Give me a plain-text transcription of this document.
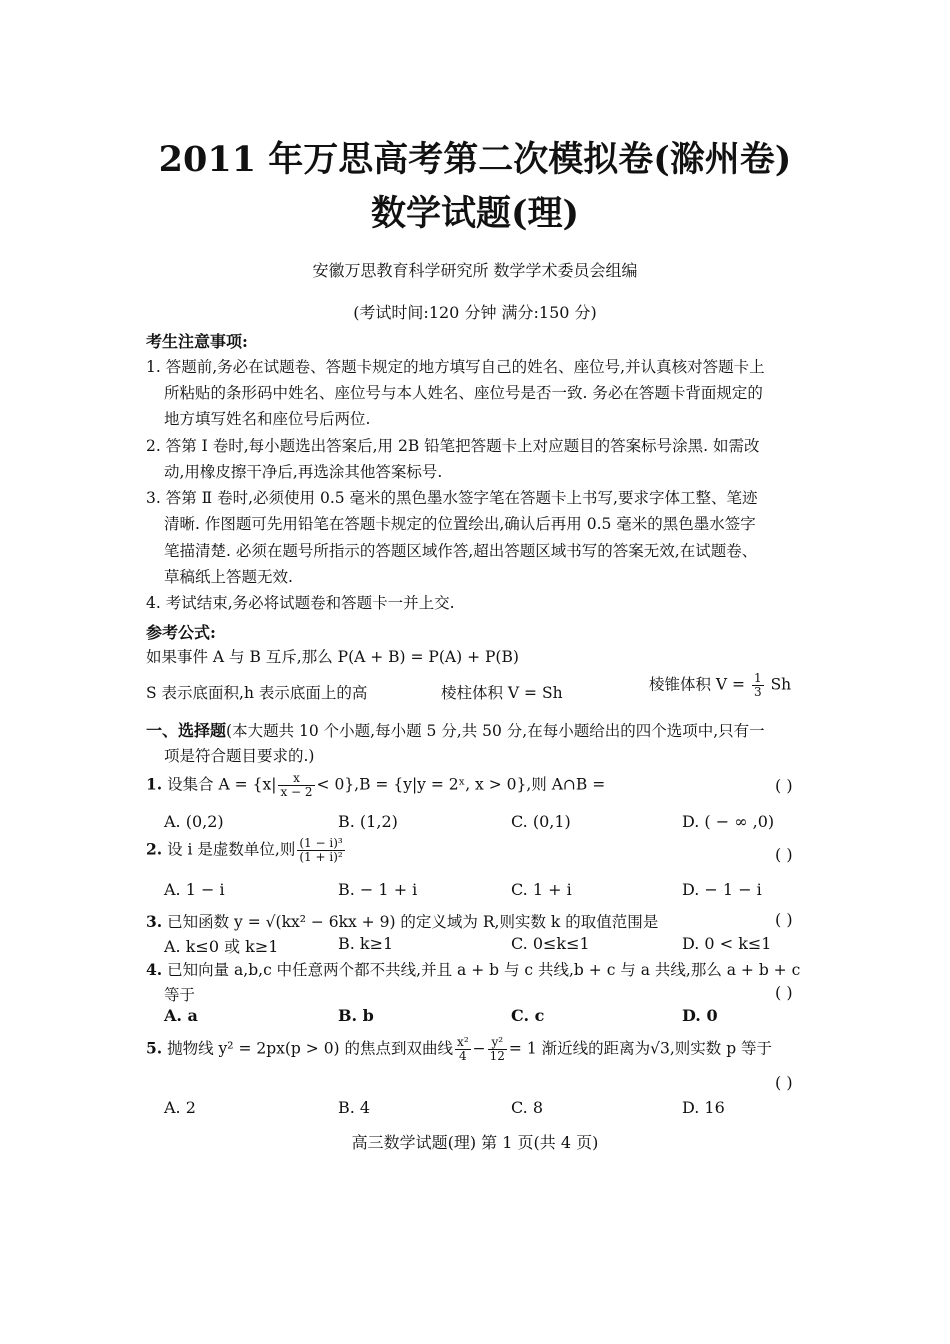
2011 年万思高考第二次模拟卷(滁州卷)
数学试题(理)
安徽万思教育科学研究所 数学学术委员会组编
(考试时间:120 分钟 满分:150 分)
考生注意事项:
1. 答题前,务必在试题卷、答题卡规定的地方填写自己的姓名、座位号,并认真核对答题卡上
所粘贴的条形码中姓名、座位号与本人姓名、座位号是否一致. 务必在答题卡背面规定的
地方填写姓名和座位号后两位.
2. 答第 Ⅰ 卷时,每小题选出答案后,用 2B 铅笔把答题卡上对应题目的答案标号涂黑. 如需改
动,用橡皮擦干净后,再选涂其他答案标号.
3. 答第 Ⅱ 卷时,必须使用 0.5 毫米的黑色墨水签字笔在答题卡上书写,要求字体工整、笔迹
清晰. 作图题可先用铅笔在答题卡规定的位置绘出,确认后再用 0.5 毫米的黑色墨水签字
笔描清楚. 必须在题号所指示的答题区域作答,超出答题区域书写的答案无效,在试题卷、
草稿纸上答题无效.
4. 考试结束,务必将试题卷和答题卡一并上交.
参考公式:
如果事件 A 与 B 互斥,那么 P(A + B) = P(A) + P(B)
S 表示底面积,h 表示底面上的高	棱柱体积 V = Sh	棱锥体积 $V = \frac{1}{3}$ Sh
一、选择题(本大题共 10 个小题,每小题 5 分,共 50 分,在每小题给出的四个选项中,只有一
项是符合题目要求的.)
1. 设集合 $A = \{x| \frac{x}{x - 2} < 0\},B = \{y|y$ = 2ˣ, x > 0},则 A∩B =	( )
A. (0,2)	B. (1,2)	C. (0,1)	D. ( − ∞ ,0)
2. 设 i 是虚数单位,则 $\frac{\text{(1 − i)³}}{\text{(1 + i)²}}$	( )
A. 1 − i	B. − 1 + i	C. 1 + i	D. − 1 − i
3. 已知函数 y = √(kx² − 6kx + 9) 的定义域为 R,则实数 k 的取值范围是	( )
A. k≤0 或 k≥1	B. k≥1	C. 0≤k≤1	D. 0 < k≤1
4. 已知向量 a,b,c 中任意两个都不共线,并且 a + b 与 c 共线,b + c 与 a 共线,那么 a + b + c
等于	( )
A. a	B. b	C. c	D. 0
5. 抛物线 y² = 2px(p > 0) 的焦点到双曲线 $\frac{\text{x²}}{4} - \frac{\text{y²}}{12} = 1$ 渐近线的距离为√3,则实数 p 等于
( )
A. 2	B. 4	C. 8	D. 16
高三数学试题(理) 第 1 页(共 4 页)
